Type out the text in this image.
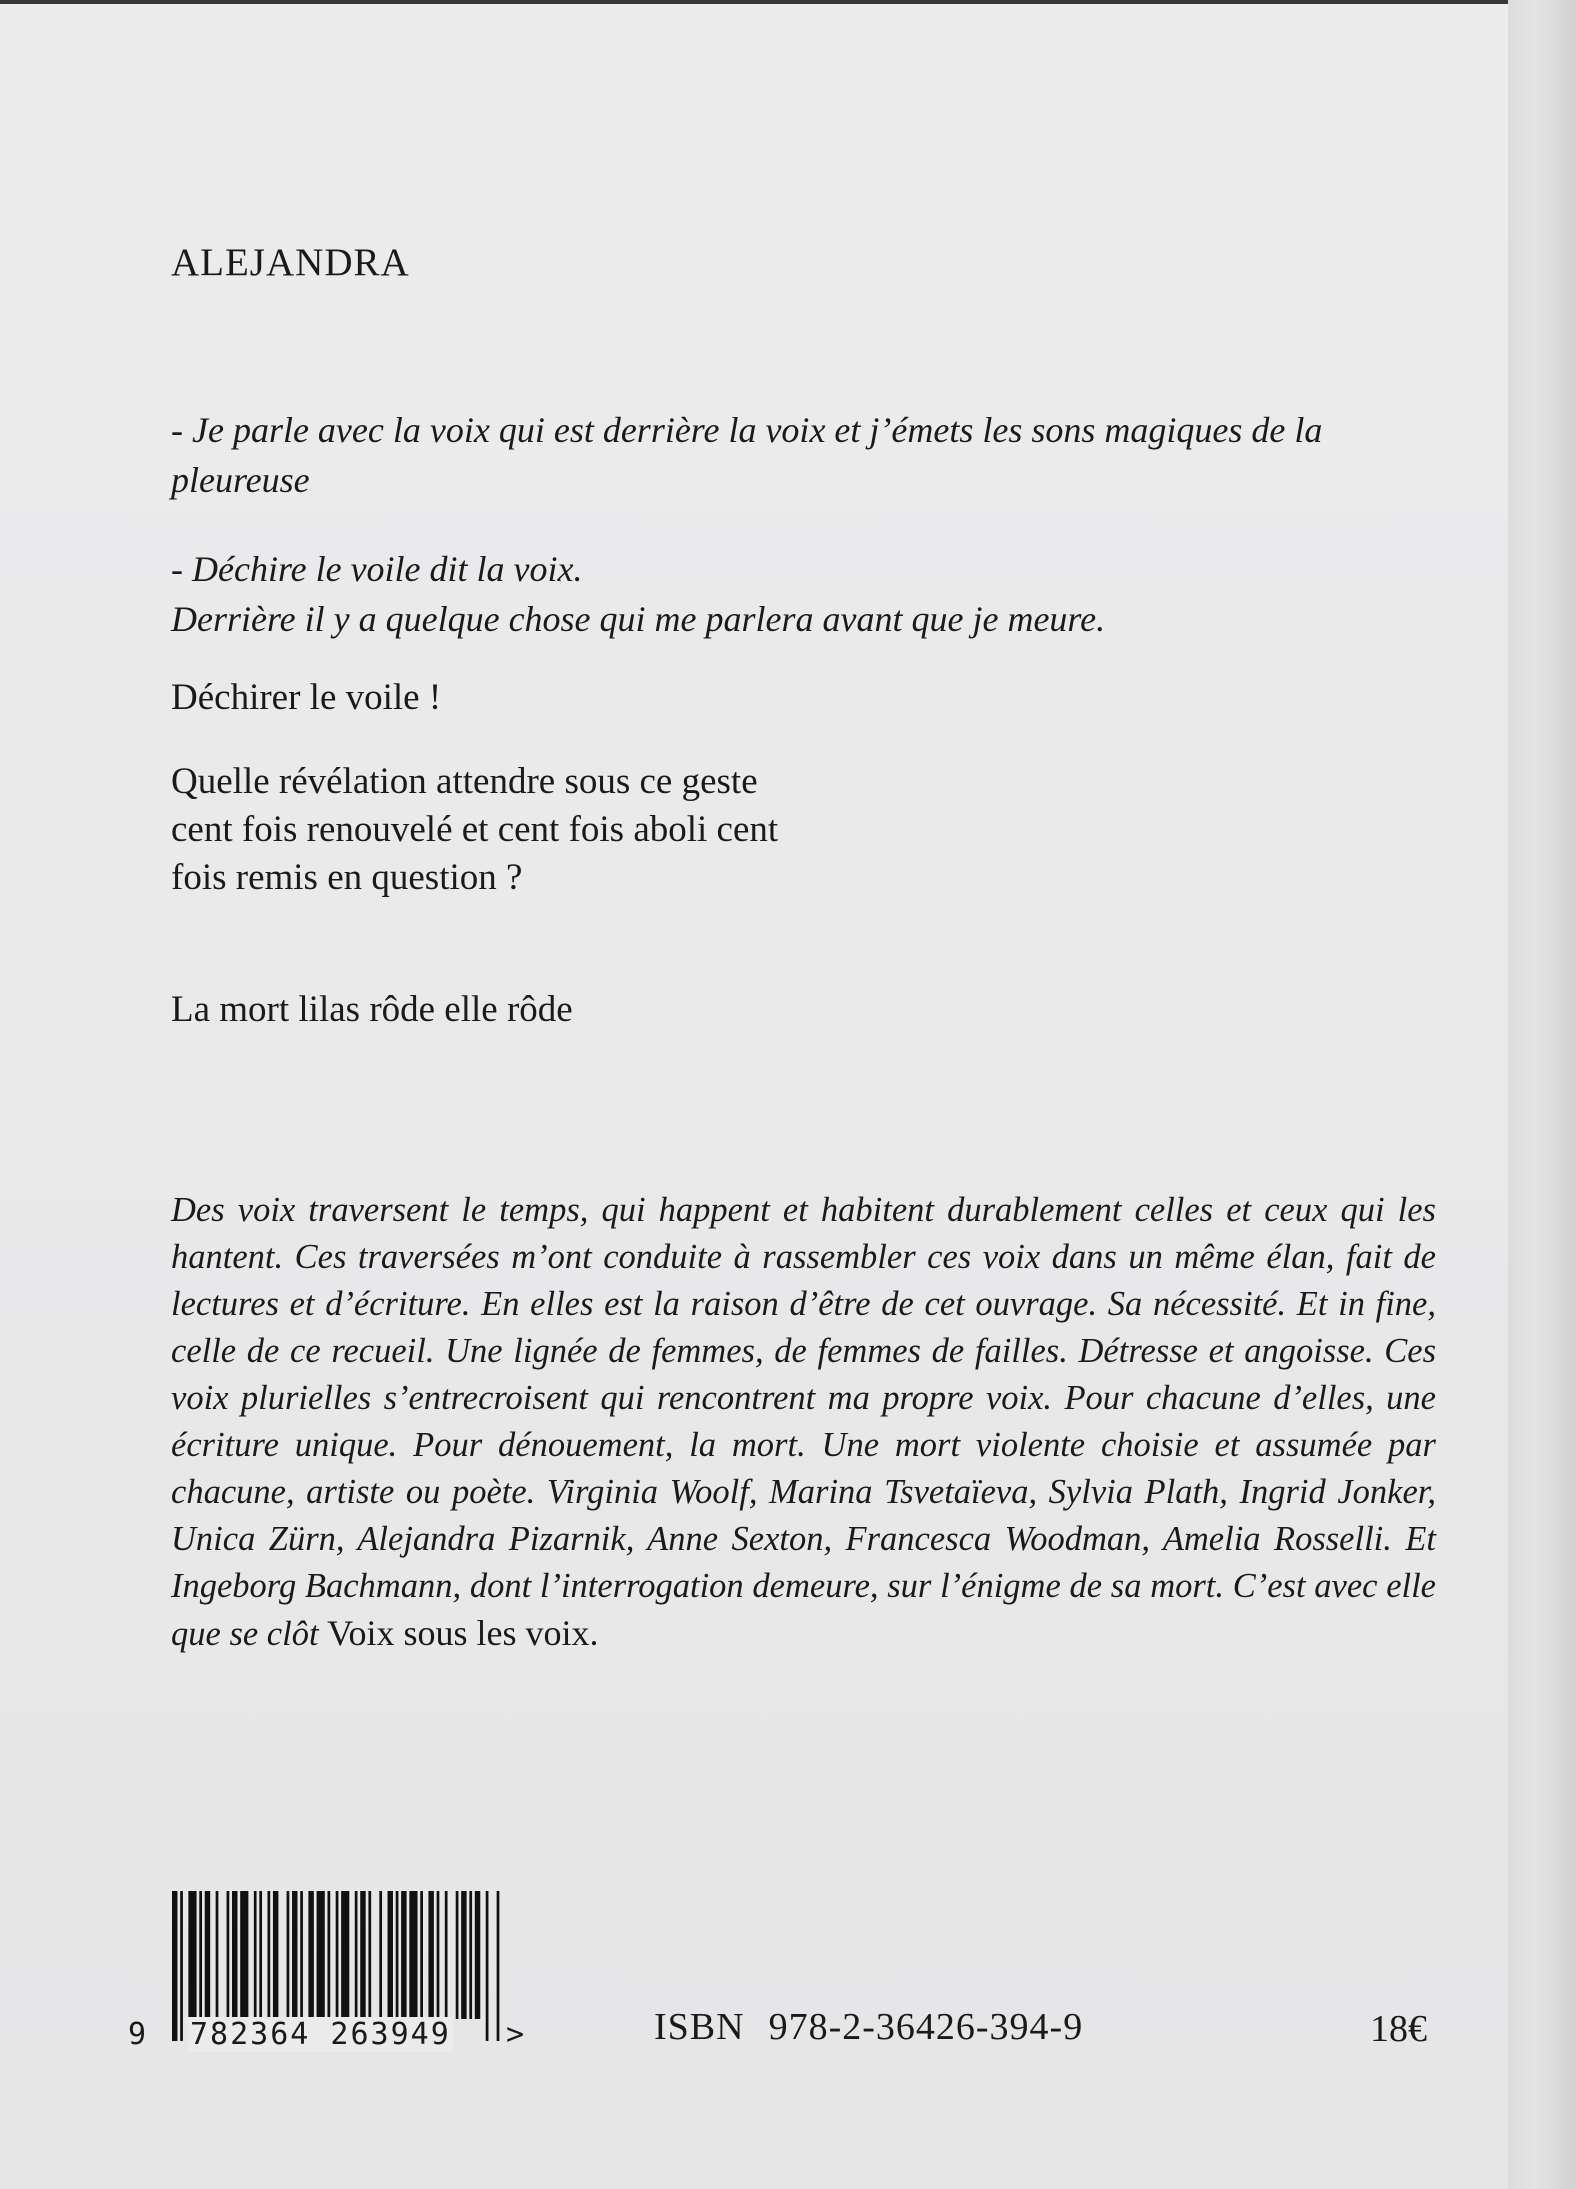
ALEJANDRA

- Je parle avec la voix qui est derrière la voix et j’émets les sons magiques de la pleureuse

- Déchire le voile dit la voix.
Derrière il y a quelque chose qui me parlera avant que je meure.

Déchirer le voile !

Quelle révélation attendre sous ce geste cent fois renouvelé et cent fois aboli cent fois remis en question ?

La mort lilas rôde elle rôde

Des voix traversent le temps, qui happent et habitent durablement celles et ceux qui les hantent. Ces traversées m’ont conduite à rassembler ces voix dans un même élan, fait de lectures et d’écriture. En elles est la raison d’être de cet ouvrage. Sa nécessité. Et in fine, celle de ce recueil. Une lignée de femmes, de femmes de failles. Détresse et angoisse. Ces voix plurielles s’entrecroisent qui rencontrent ma propre voix. Pour chacune d’elles, une écriture unique. Pour dénouement, la mort. Une mort violente choisie et assumée par chacune, artiste ou poète. Virginia Woolf, Marina Tsvetaïeva, Sylvia Plath, Ingrid Jonker, Unica Zürn, Alejandra Pizarnik, Anne Sexton, Francesca Woodman, Amelia Rosselli. Et Ingeborg Bachmann, dont l’interrogation demeure, sur l’énigme de sa mort. C’est avec elle que se clôt Voix sous les voix.

9 782364 263949 >	ISBN 978-2-36426-394-9	18€
